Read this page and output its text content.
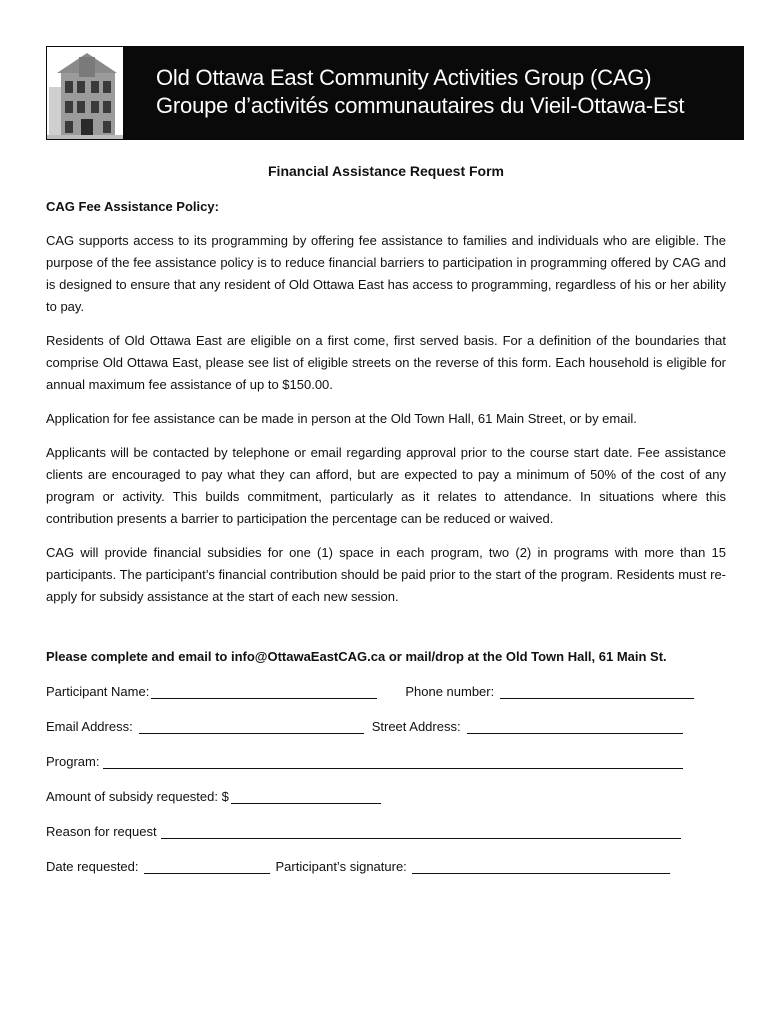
Old Ottawa East Community Activities Group (CAG)
Groupe d’activités communautaires du Vieil-Ottawa-Est
Financial Assistance Request Form
CAG Fee Assistance Policy:

CAG supports access to its programming by offering fee assistance to families and individuals who are eligible. The purpose of the fee assistance policy is to reduce financial barriers to participation in programming offered by CAG and is designed to ensure that any resident of Old Ottawa East has access to programming, regardless of his or her ability to pay.

Residents of Old Ottawa East are eligible on a first come, first served basis. For a definition of the boundaries that comprise Old Ottawa East, please see list of eligible streets on the reverse of this form. Each household is eligible for annual maximum fee assistance of up to $150.00.

Application for fee assistance can be made in person at the Old Town Hall, 61 Main Street, or by email.

Applicants will be contacted by telephone or email regarding approval prior to the course start date. Fee assistance clients are encouraged to pay what they can afford, but are expected to pay a minimum of 50% of the cost of any program or activity. This builds commitment, particularly as it relates to attendance. In situations where this contribution presents a barrier to participation the percentage can be reduced or waived.

CAG will provide financial subsidies for one (1) space in each program, two (2) in programs with more than 15 participants. The participant’s financial contribution should be paid prior to the start of the program. Residents must re-apply for subsidy assistance at the start of each new session.

Please complete and email to info@OttawaEastCAG.ca or mail/drop at the Old Town Hall, 61 Main St.
Participant Name:	Phone number:
Email Address:	Street Address:
Program:
Amount of subsidy requested: $
Reason for request
Date requested:	Participant’s signature:
